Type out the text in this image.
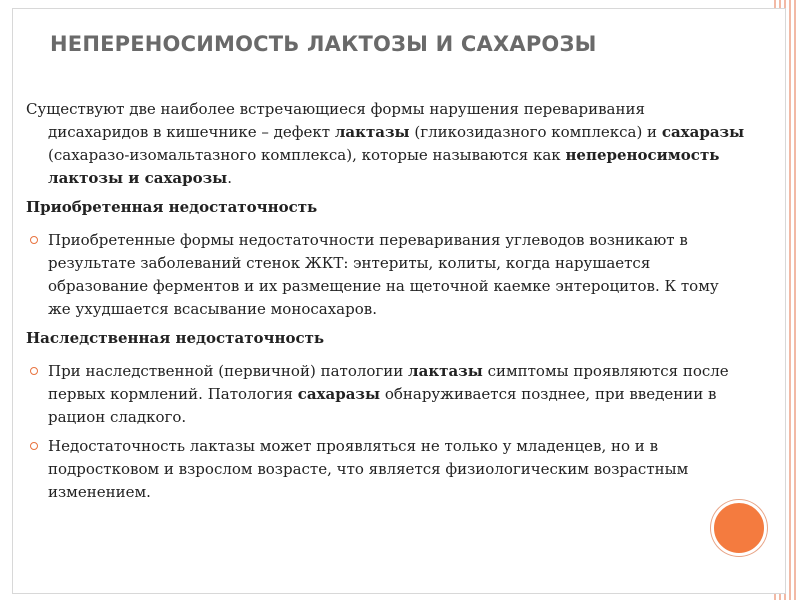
НЕПЕРЕНОСИМОСТЬ ЛАКТОЗЫ И САХАРОЗЫ

Существуют две наиболее встречающиеся формы нарушения переваривания дисахаридов в кишечнике – дефект лактазы (гликозидазного комплекса) и сахаразы (сахаразо-изомальтазного комплекса), которые называются как непереносимость лактозы и сахарозы.

Приобретенная недостаточность

Приобретенные формы недостаточности переваривания углеводов возникают в результате заболеваний стенок ЖКТ: энтериты, колиты, когда нарушается образование ферментов и их размещение на щеточной каемке энтероцитов. К тому же ухудшается всасывание моносахаров.

Наследственная недостаточность

При наследственной (первичной) патологии лактазы симптомы проявляются после первых кормлений. Патология сахаразы обнаруживается позднее, при введении в рацион сладкого.

Недостаточность лактазы может проявляться не только у младенцев, но и в подростковом и взрослом возрасте, что является физиологическим возрастным изменением.
